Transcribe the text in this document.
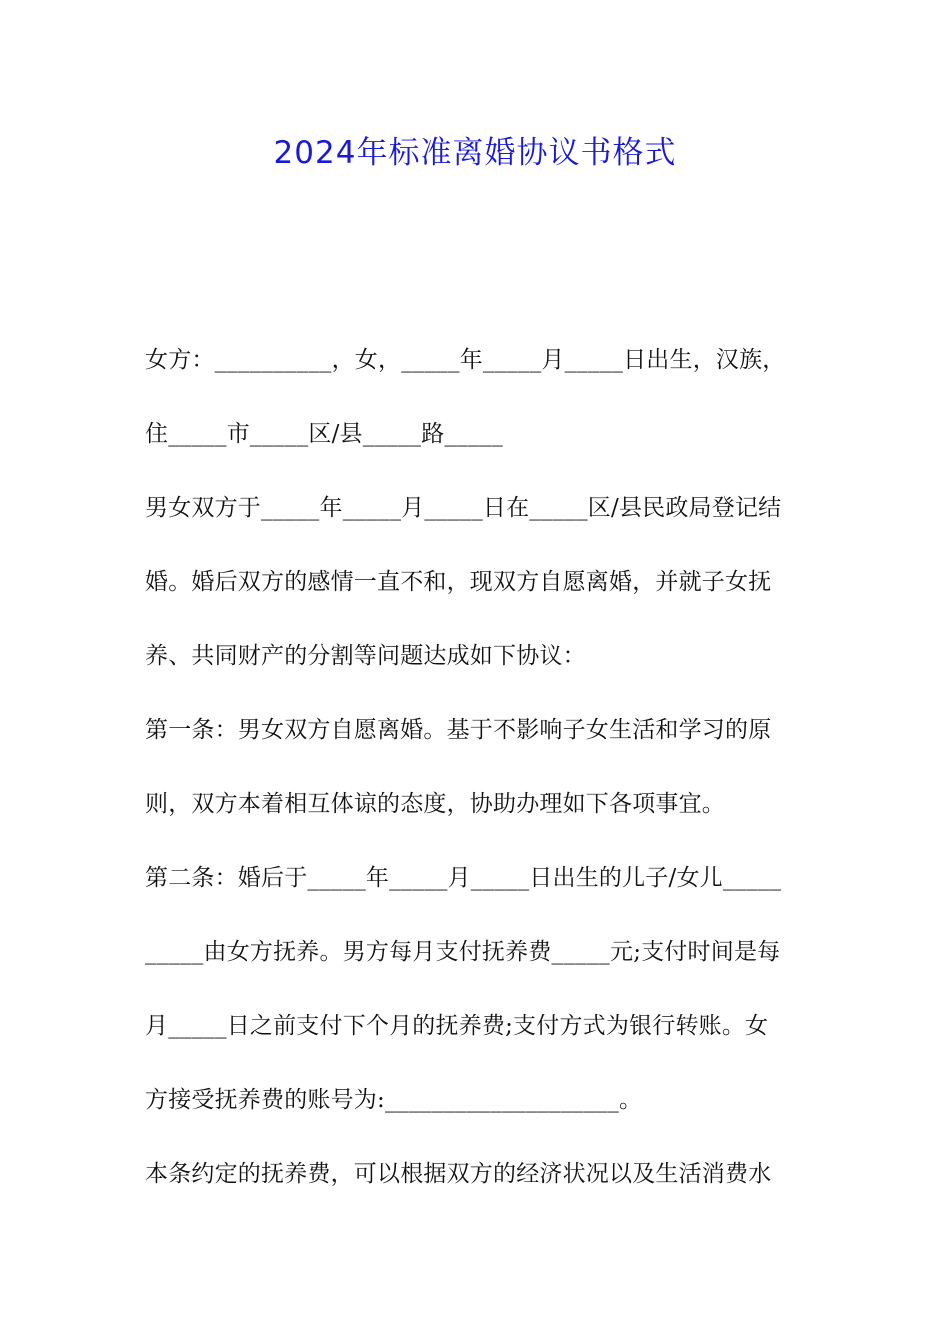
2024年标准离婚协议书格式
女方：__________，女，_____年_____月_____日出生，汉族，
住_____市_____区/县_____路_____
男女双方于_____年_____月_____日在_____区/县民政局登记结
婚。婚后双方的感情一直不和，现双方自愿离婚，并就子女抚
养、共同财产的分割等问题达成如下协议：
第一条：男女双方自愿离婚。基于不影响子女生活和学习的原
则，双方本着相互体谅的态度，协助办理如下各项事宜。
第二条：婚后于_____年_____月_____日出生的儿子/女儿_____
_____由女方抚养。男方每月支付抚养费_____元;支付时间是每
月_____日之前支付下个月的抚养费;支付方式为银行转账。女
方接受抚养费的账号为:____________________。
本条约定的抚养费，可以根据双方的经济状况以及生活消费水
